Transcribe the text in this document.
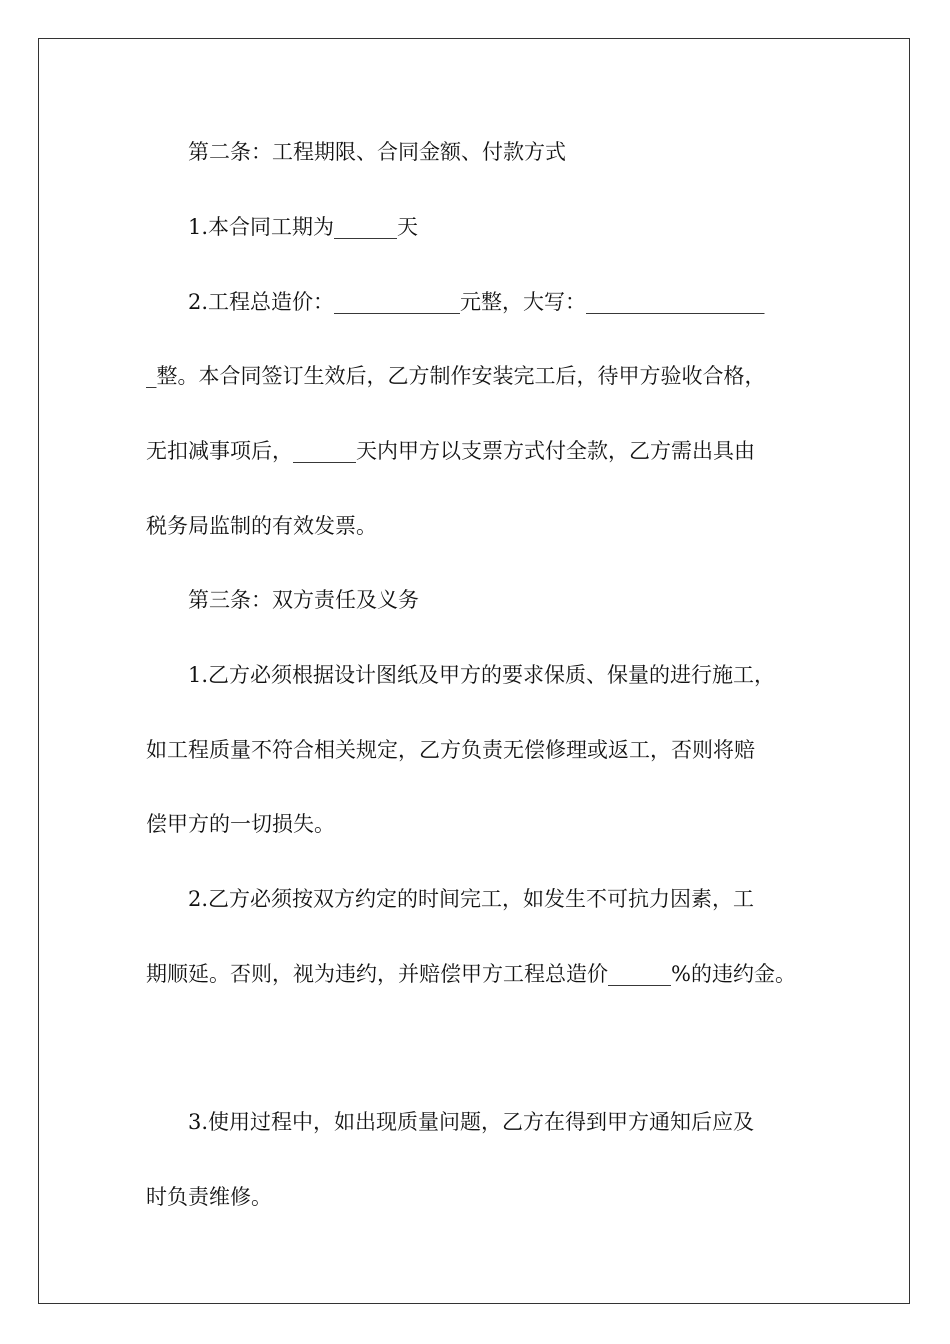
第二条：工程期限、合同金额、付款方式
1.本合同工期为______天
2.工程总造价：____________元整，大写：_________________
_整。本合同签订生效后，乙方制作安装完工后，待甲方验收合格，
无扣减事项后，______天内甲方以支票方式付全款，乙方需出具由
税务局监制的有效发票。
第三条：双方责任及义务
1.乙方必须根据设计图纸及甲方的要求保质、保量的进行施工，
如工程质量不符合相关规定，乙方负责无偿修理或返工，否则将赔
偿甲方的一切损失。
2.乙方必须按双方约定的时间完工，如发生不可抗力因素，工
期顺延。否则，视为违约，并赔偿甲方工程总造价______%的违约金。
3.使用过程中，如出现质量问题，乙方在得到甲方通知后应及
时负责维修。
